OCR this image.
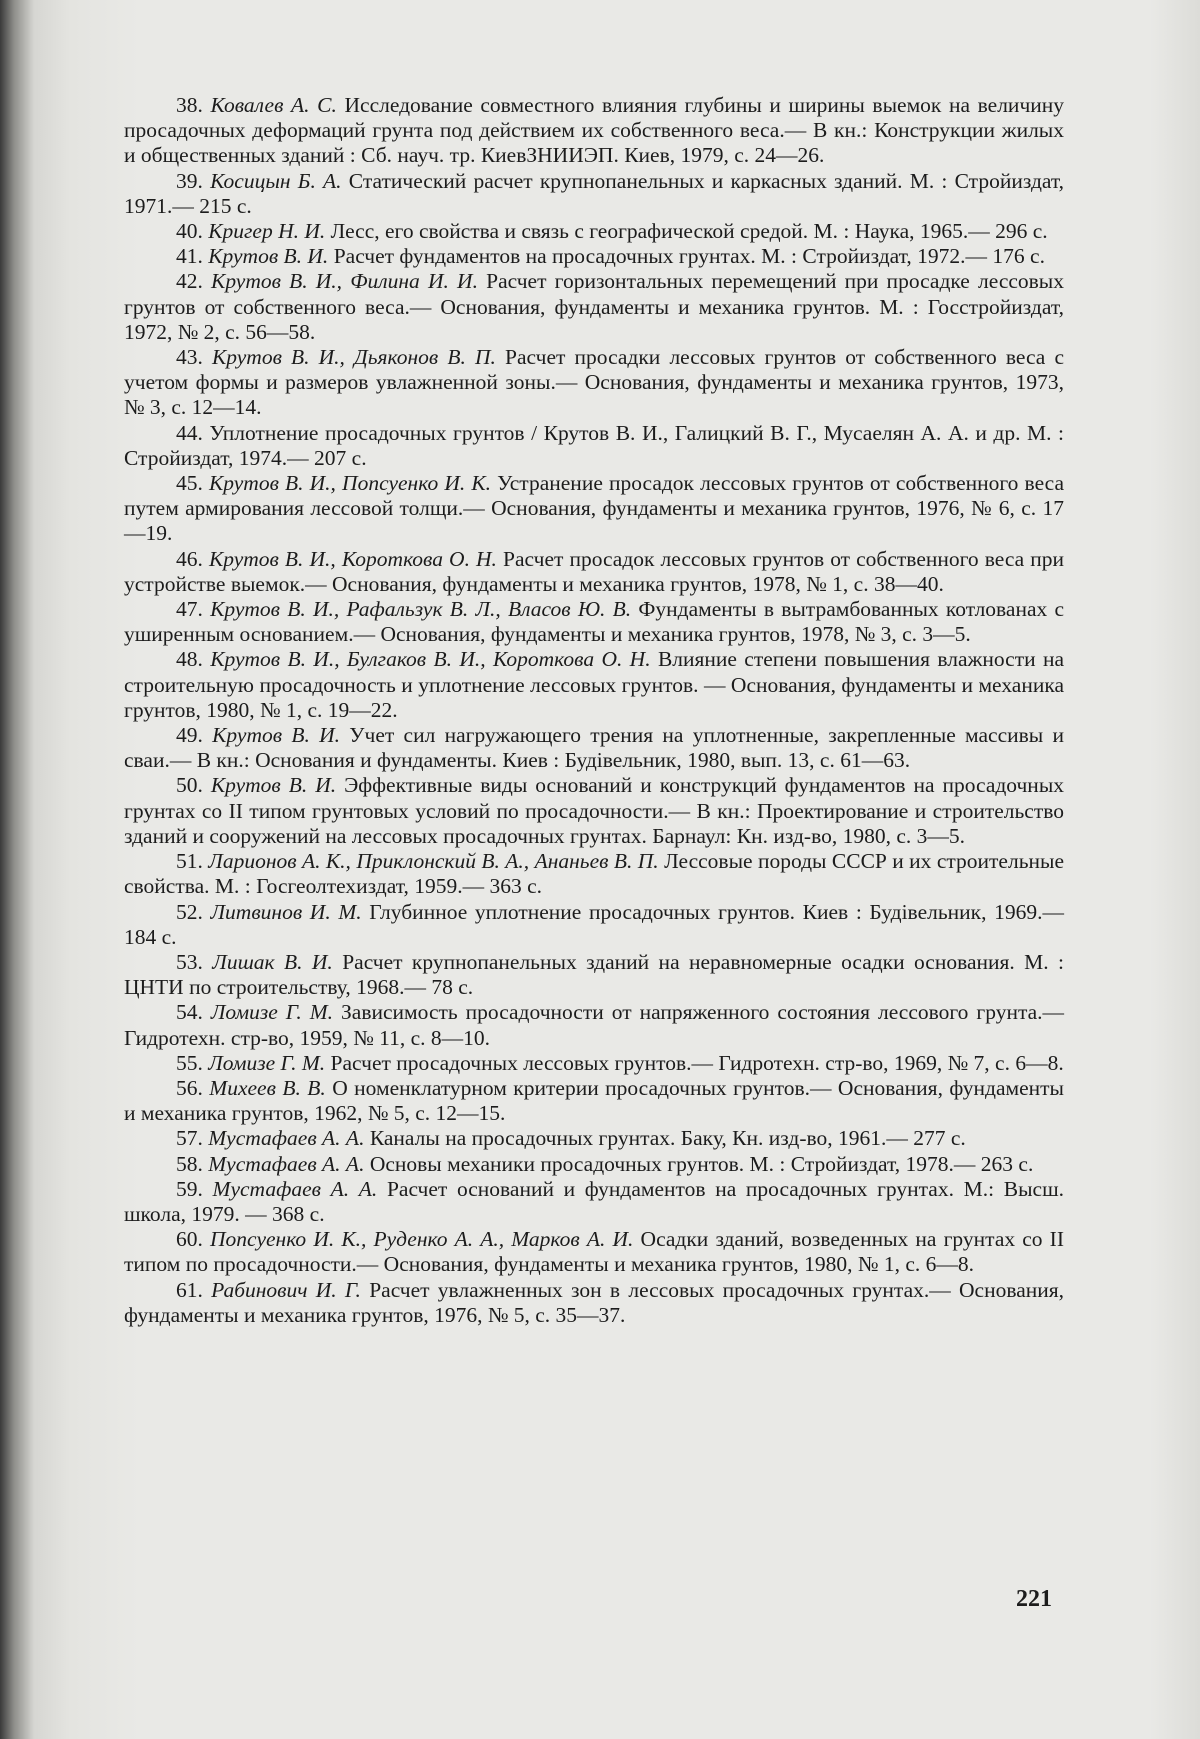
38. Ковалев А. С. Исследование совместного влияния глубины и ширины выемок на величину просадочных деформаций грунта под действием их собственного веса.— В кн.: Конструкции жилых и общественных зданий : Сб. науч. тр. КиевЗНИИЭП. Киев, 1979, с. 24—26.

39. Косицын Б. А. Статический расчет крупнопанельных и каркасных зданий. М. : Стройиздат, 1971.— 215 с.

40. Кригер Н. И. Лесс, его свойства и связь с географической средой. М. : Наука, 1965.— 296 с.

41. Крутов В. И. Расчет фундаментов на просадочных грунтах. М. : Стройиздат, 1972.— 176 с.

42. Крутов В. И., Филина И. И. Расчет горизонтальных перемещений при просадке лессовых грунтов от собственного веса.— Основания, фундаменты и механика грунтов. М. : Госстройиздат, 1972, № 2, с. 56—58.

43. Крутов В. И., Дьяконов В. П. Расчет просадки лессовых грунтов от собственного веса с учетом формы и размеров увлажненной зоны.— Основания, фундаменты и механика грунтов, 1973, № 3, с. 12—14.

44. Уплотнение просадочных грунтов / Крутов В. И., Галицкий В. Г., Мусаелян А. А. и др. М. : Стройиздат, 1974.— 207 с.

45. Крутов В. И., Попсуенко И. К. Устранение просадок лессовых грунтов от собственного веса путем армирования лессовой толщи.— Основания, фундаменты и механика грунтов, 1976, № 6, с. 17—19.

46. Крутов В. И., Короткова О. Н. Расчет просадок лессовых грунтов от собственного веса при устройстве выемок.— Основания, фундаменты и механика грунтов, 1978, № 1, с. 38—40.

47. Крутов В. И., Рафальзук В. Л., Власов Ю. В. Фундаменты в вытрамбованных котлованах с уширенным основанием.— Основания, фундаменты и механика грунтов, 1978, № 3, с. 3—5.

48. Крутов В. И., Булгаков В. И., Короткова О. Н. Влияние степени повышения влажности на строительную просадочность и уплотнение лессовых грунтов. — Основания, фундаменты и механика грунтов, 1980, № 1, с. 19—22.

49. Крутов В. И. Учет сил нагружающего трения на уплотненные, закрепленные массивы и сваи.— В кн.: Основания и фундаменты. Киев : Будівельник, 1980, вып. 13, с. 61—63.

50. Крутов В. И. Эффективные виды оснований и конструкций фундаментов на просадочных грунтах со II типом грунтовых условий по просадочности.— В кн.: Проектирование и строительство зданий и сооружений на лессовых просадочных грунтах. Барнаул: Кн. изд-во, 1980, с. 3—5.

51. Ларионов А. К., Приклонский В. А., Ананьев В. П. Лессовые породы СССР и их строительные свойства. М. : Госгеолтехиздат, 1959.— 363 с.

52. Литвинов И. М. Глубинное уплотнение просадочных грунтов. Киев : Будівельник, 1969.— 184 с.

53. Лишак В. И. Расчет крупнопанельных зданий на неравномерные осадки основания. М. : ЦНТИ по строительству, 1968.— 78 с.

54. Ломизе Г. М. Зависимость просадочности от напряженного состояния лессового грунта.— Гидротехн. стр-во, 1959, № 11, с. 8—10.

55. Ломизе Г. М. Расчет просадочных лессовых грунтов.— Гидротехн. стр-во, 1969, № 7, с. 6—8.

56. Михеев В. В. О номенклатурном критерии просадочных грунтов.— Основания, фундаменты и механика грунтов, 1962, № 5, с. 12—15.

57. Мустафаев А. А. Каналы на просадочных грунтах. Баку, Кн. изд-во, 1961.— 277 с.

58. Мустафаев А. А. Основы механики просадочных грунтов. М. : Стройиздат, 1978.— 263 с.

59. Мустафаев А. А. Расчет оснований и фундаментов на просадочных грунтах. М.: Высш. школа, 1979. — 368 с.

60. Попсуенко И. К., Руденко А. А., Марков А. И. Осадки зданий, возведенных на грунтах со II типом по просадочности.— Основания, фундаменты и механика грунтов, 1980, № 1, с. 6—8.

61. Рабинович И. Г. Расчет увлажненных зон в лессовых просадочных грунтах.— Основания, фундаменты и механика грунтов, 1976, № 5, с. 35—37.

221
